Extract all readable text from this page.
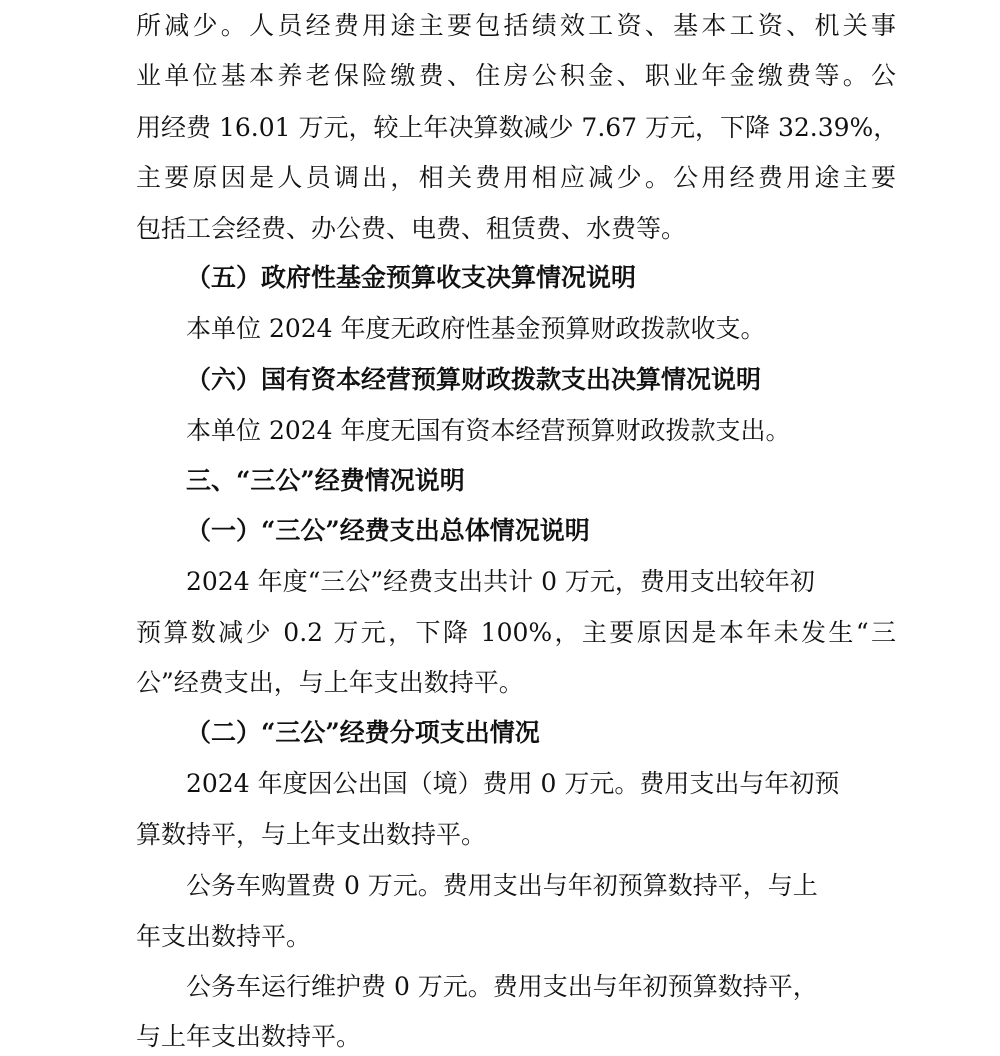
所减少。人员经费用途主要包括绩效工资、基本工资、机关事
业单位基本养老保险缴费、住房公积金、职业年金缴费等。公
用经费 16.01 万元，较上年决算数减少 7.67 万元，下降 32.39%，
主要原因是人员调出，相关费用相应减少。公用经费用途主要
包括工会经费、办公费、电费、租赁费、水费等。
（五）政府性基金预算收支决算情况说明
本单位 2024 年度无政府性基金预算财政拨款收支。
（六）国有资本经营预算财政拨款支出决算情况说明
本单位 2024 年度无国有资本经营预算财政拨款支出。
三、“三公”经费情况说明
（一）“三公”经费支出总体情况说明
2024 年度“三公”经费支出共计 0 万元，费用支出较年初
预算数减少 0.2 万元，下降 100%，主要原因是本年未发生“三
公”经费支出，与上年支出数持平。
（二）“三公”经费分项支出情况
2024 年度因公出国（境）费用 0 万元。费用支出与年初预
算数持平，与上年支出数持平。
公务车购置费 0 万元。费用支出与年初预算数持平，与上
年支出数持平。
公务车运行维护费 0 万元。费用支出与年初预算数持平，
与上年支出数持平。
